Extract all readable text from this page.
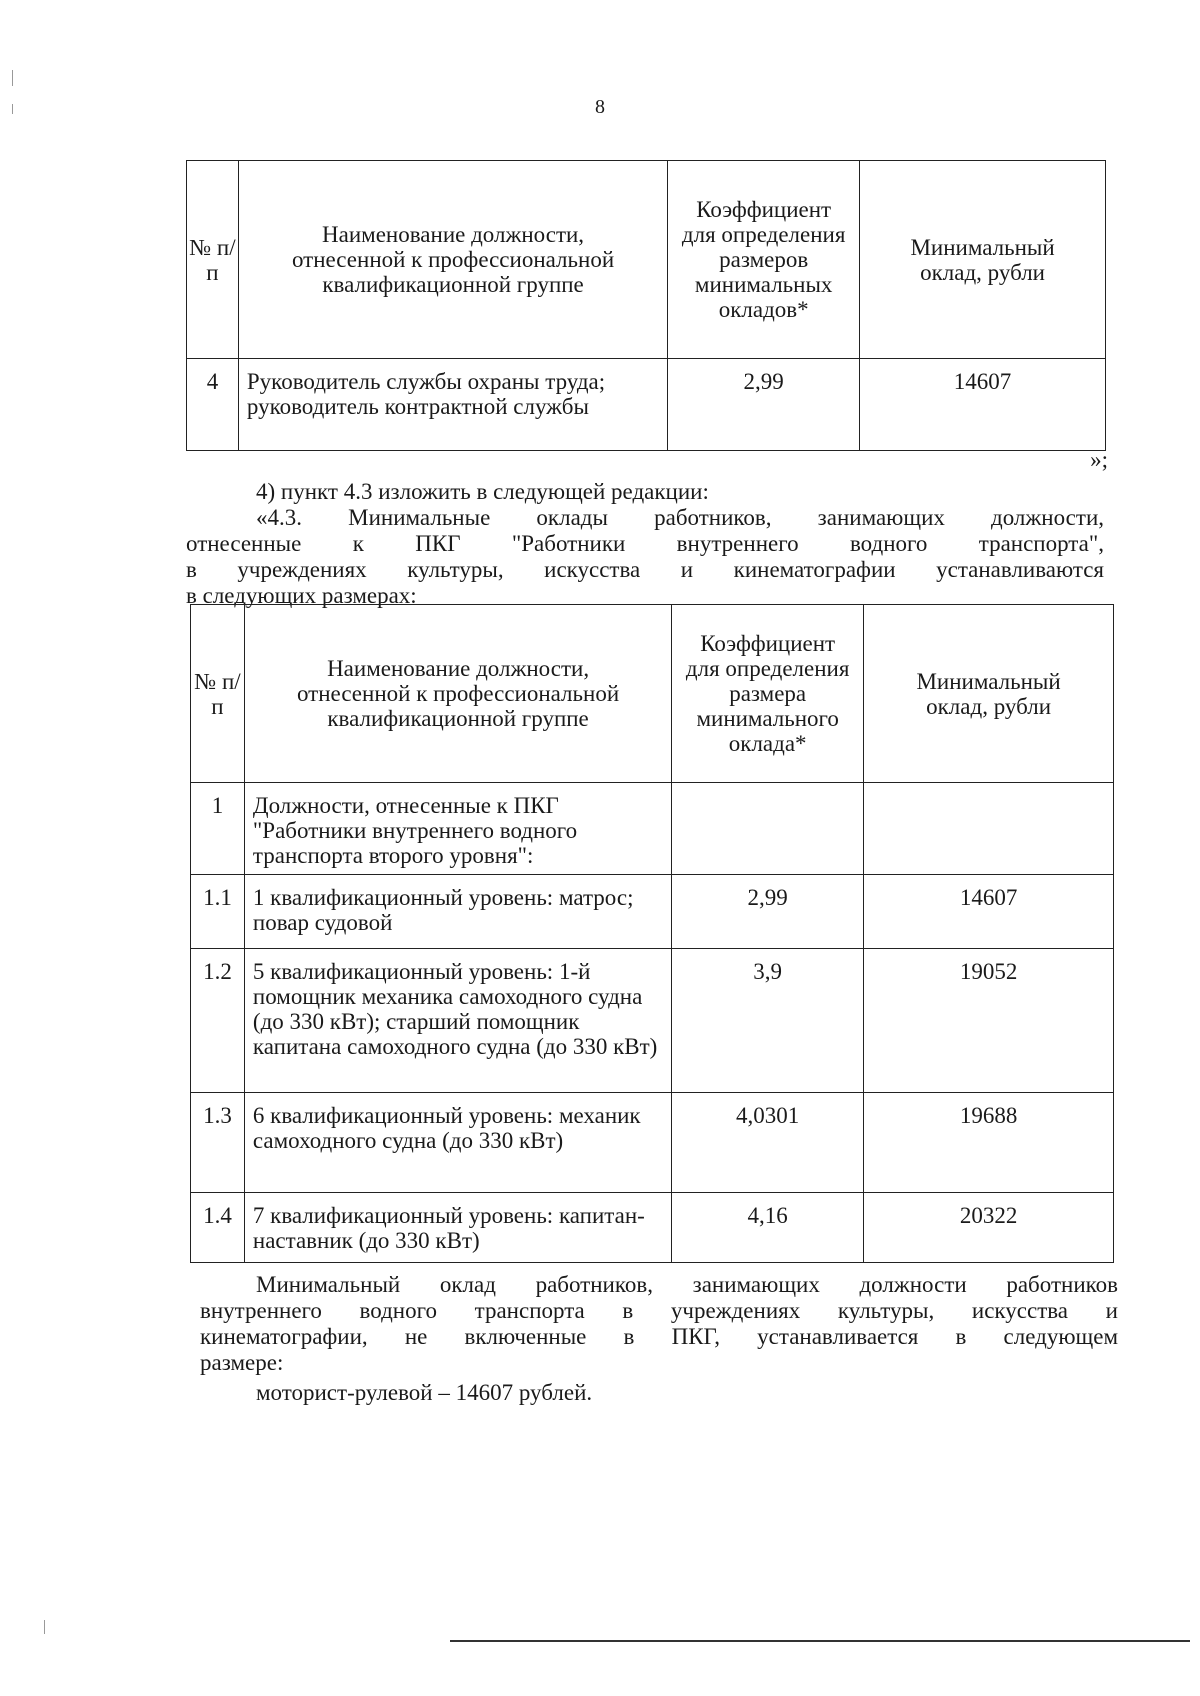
8
№ п/п	Наименование должности, отнесенной к профессиональной квалификационной группе	Коэффициент для определения размеров минимальных окладов*	Минимальный оклад, рубли
4	Руководитель службы охраны труда; руководитель контрактной службы	2,99	14607
»;
4) пункт 4.3 изложить в следующей редакции:
«4.3. Минимальные оклады работников, занимающих должности,
отнесенные к ПКГ "Работники внутреннего водного транспорта",
в учреждениях культуры, искусства и кинематографии устанавливаются
в следующих размерах:
№ п/п	Наименование должности, отнесенной к профессиональной квалификационной группе	Коэффициент для определения размера минимального оклада*	Минимальный оклад, рубли
1	Должности, отнесенные к ПКГ "Работники внутреннего водного транспорта второго уровня":		
1.1	1 квалификационный уровень: матрос; повар судовой	2,99	14607
1.2	5 квалификационный уровень: 1-й помощник механика самоходного судна (до 330 кВт); старший помощник капитана самоходного судна (до 330 кВт)	3,9	19052
1.3	6 квалификационный уровень: механик самоходного судна (до 330 кВт)	4,0301	19688
1.4	7 квалификационный уровень: капитан-наставник (до 330 кВт)	4,16	20322
Минимальный оклад работников, занимающих должности работников
внутреннего водного транспорта в учреждениях культуры, искусства и
кинематографии, не включенные в ПКГ, устанавливается в следующем
размере:
моторист-рулевой – 14607 рублей.
